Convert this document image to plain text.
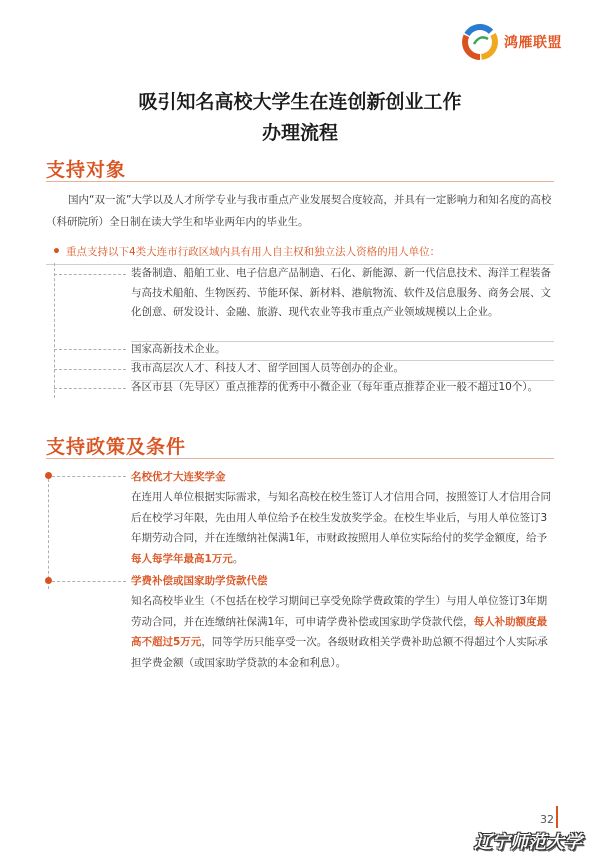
鸿雁联盟
吸引知名高校大学生在连创新创业工作
办理流程
支持对象
国内“双一流”大学以及人才所学专业与我市重点产业发展契合度较高，并具有一定影响力和知名度的高校（科研院所）全日制在读大学生和毕业两年内的毕业生。
• 重点支持以下4类大连市行政区域内具有用人自主权和独立法人资格的用人单位：
装备制造、船舶工业、电子信息产品制造、石化、新能源、新一代信息技术、海洋工程装备与高技术船舶、生物医药、节能环保、新材料、港航物流、软件及信息服务、商务会展、文化创意、研发设计、金融、旅游、现代农业等我市重点产业领域规模以上企业。
国家高新技术企业。
我市高层次人才、科技人才、留学回国人员等创办的企业。
各区市县（先导区）重点推荐的优秀中小微企业（每年重点推荐企业一般不超过10个）。
支持政策及条件
名校优才大连奖学金
在连用人单位根据实际需求，与知名高校在校生签订人才信用合同，按照签订人才信用合同后在校学习年限，先由用人单位给予在校生发放奖学金。在校生毕业后，与用人单位签订3年期劳动合同，并在连缴纳社保满1年，市财政按照用人单位实际给付的奖学金额度，给予每人每学年最高1万元。
学费补偿或国家助学贷款代偿
知名高校毕业生（不包括在校学习期间已享受免除学费政策的学生）与用人单位签订3年期劳动合同，并在连缴纳社保满1年，可申请学费补偿或国家助学贷款代偿，每人补助额度最高不超过5万元，同等学历只能享受一次。各级财政相关学费补助总额不得超过个人实际承担学费金额（或国家助学贷款的本金和利息）。
32
辽宁师范大学
